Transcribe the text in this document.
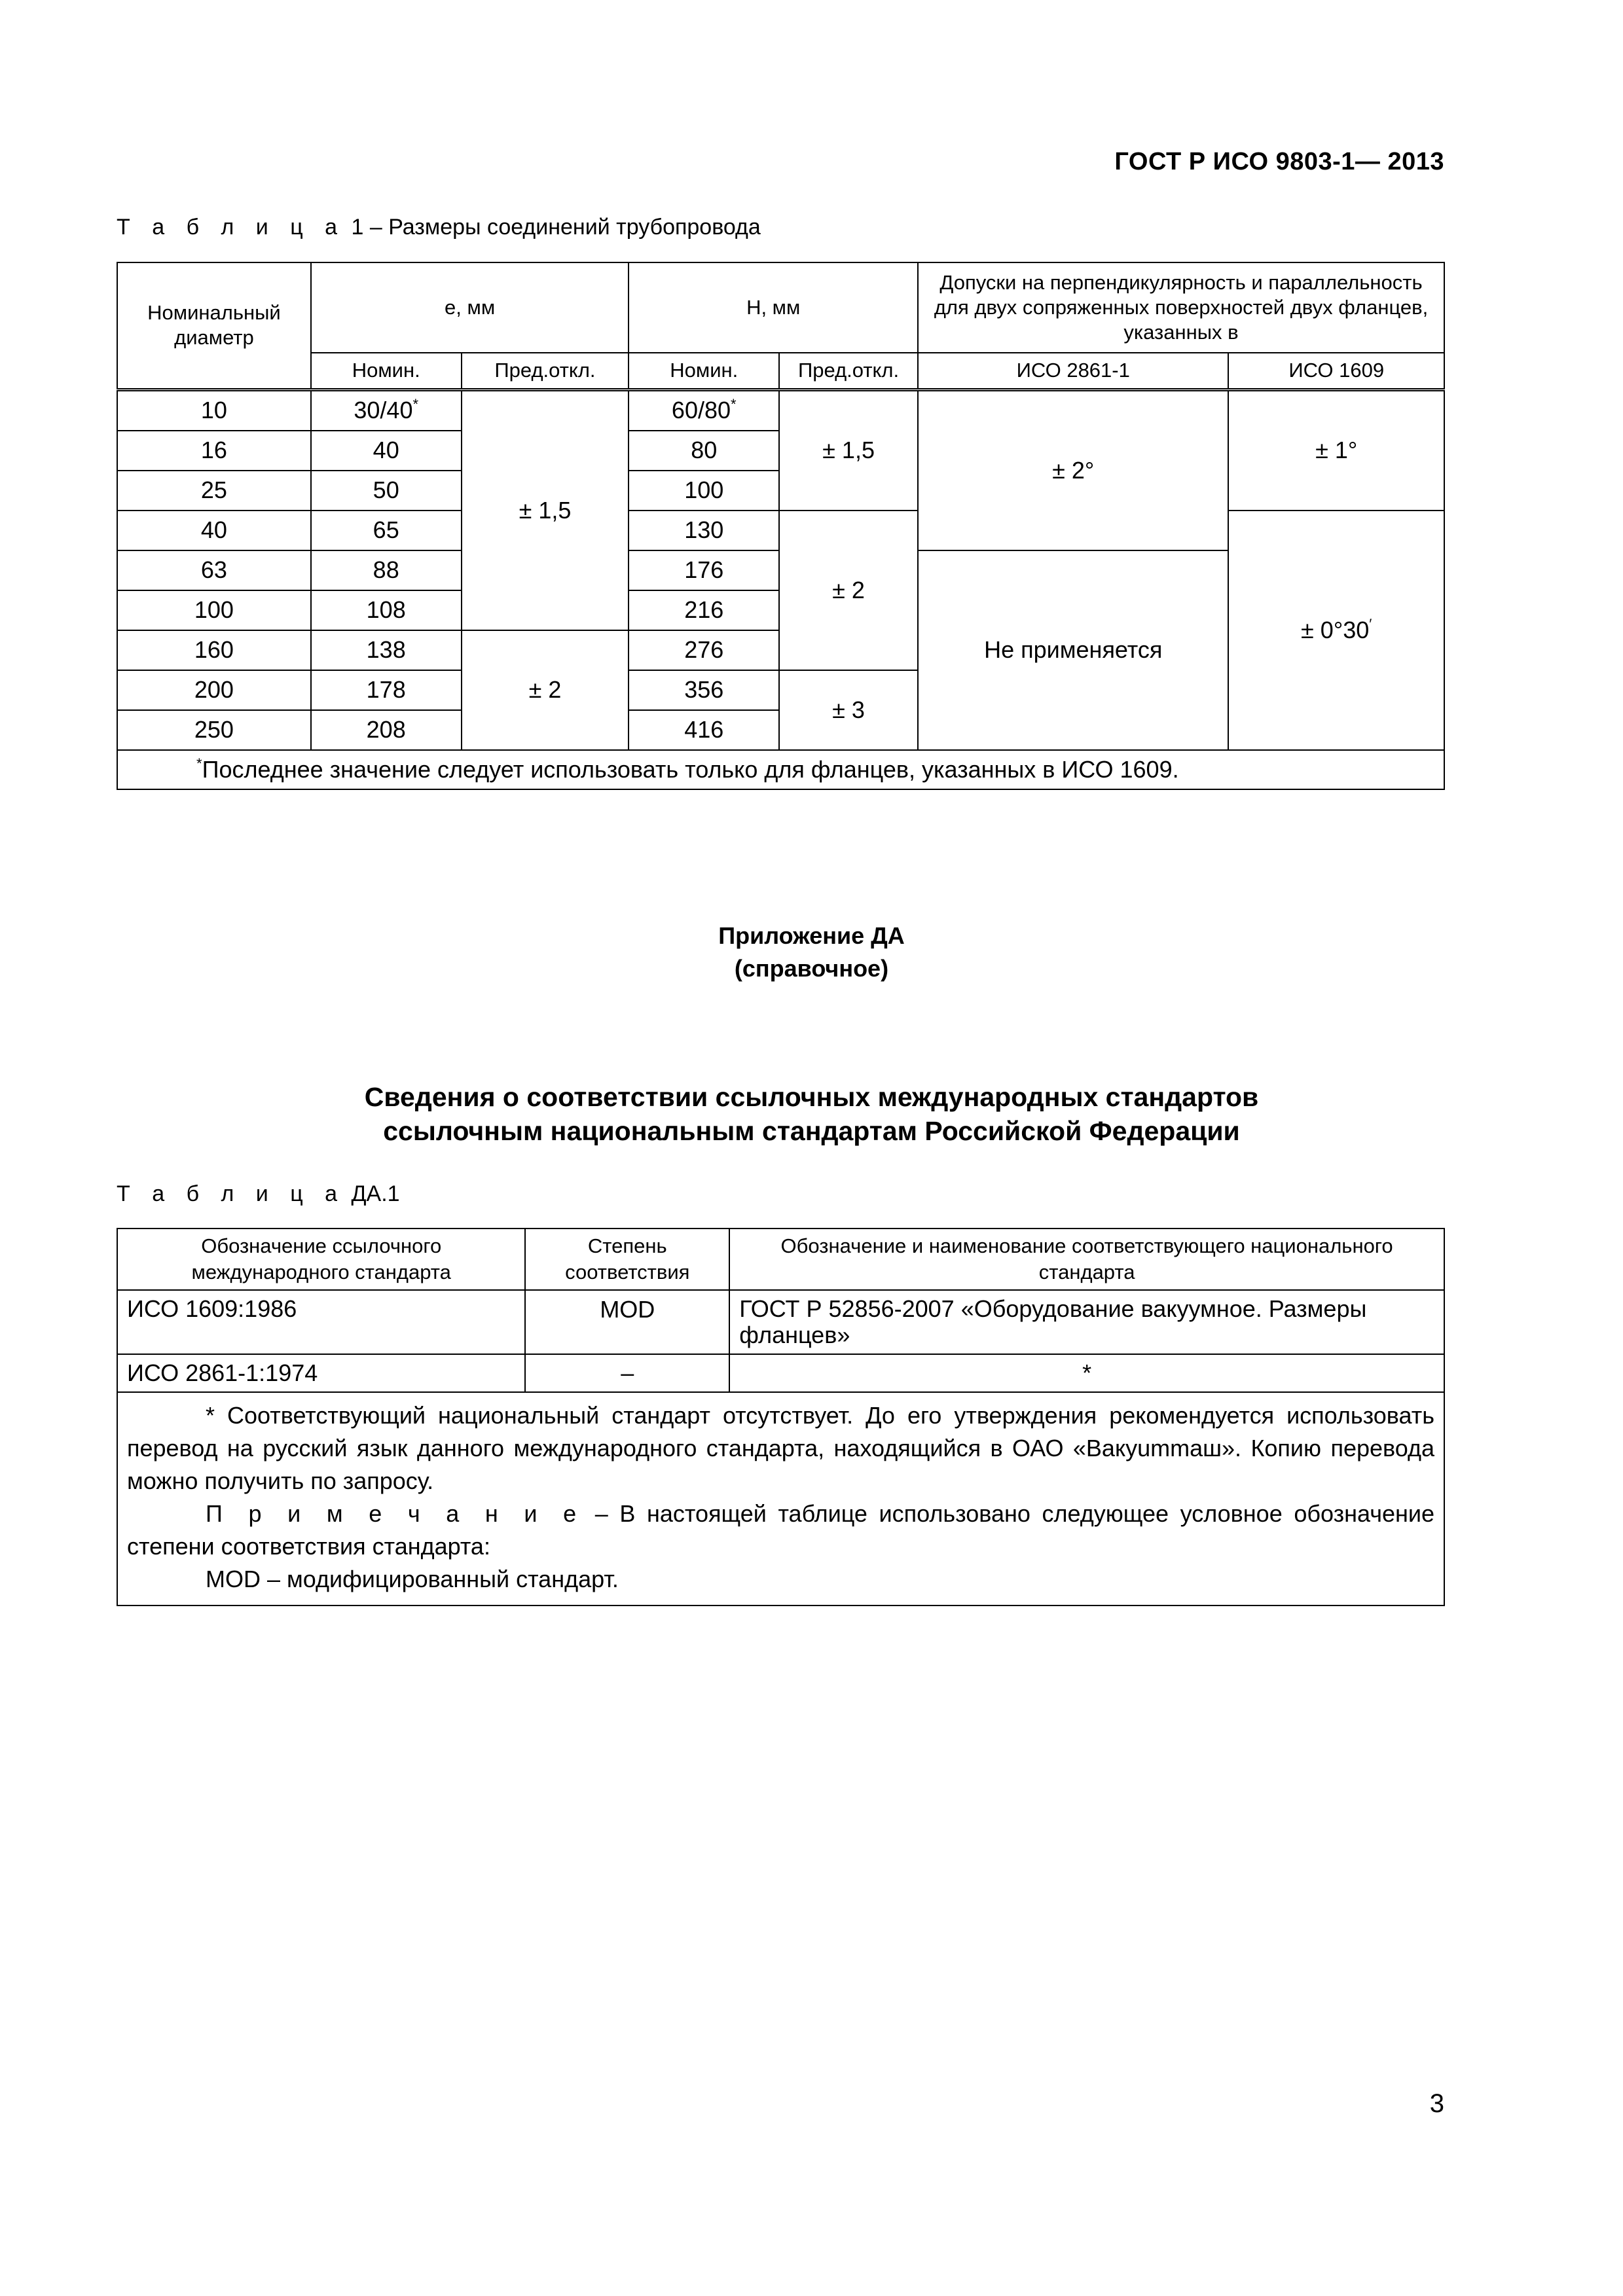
ГОСТ Р ИСО 9803-1— 2013
Т а б л и ц а 1 – Размеры соединений трубопровода
Номинальный диаметр	e, мм		H, мм		Допуски на перпендикулярность и параллельность для двух сопряженных поверхностей двух фланцев, указанных в	
	Номин.	Пред.откл.	Номин.	Пред.откл.	ИСО 2861-1	ИСО 1609
10	30/40*	± 1,5	60/80*	± 1,5	± 2°	± 1°
16	40		80			
25	50		100			
40	65		130	± 2		± 0°30′
63	88		176		Не применяется	
100	108		216			
160	138	± 2	276			
200	178		356	± 3		
250	208		416			
*Последнее значение следует использовать только для фланцев, указанных в ИСО 1609.						
Приложение ДА
(справочное)
Сведения о соответствии ссылочных международных стандартов
ссылочным национальным стандартам Российской Федерации
Т а б л и ц а ДА.1
Обозначение ссылочного международного стандарта	Степень соответствия	Обозначение и наименование соответствующего национального стандарта
ИСО 1609:1986	MOD	ГОСТ Р 52856-2007 «Оборудование вакуумное. Размеры фланцев»
ИСО 2861-1:1974	–	*

* Соответствующий национальный стандарт отсутствует. До его утверждения рекомендуется использовать перевод на русский язык данного международного стандарта, находящийся в ОАО «Вакуummаш». Копию перевода можно получить по запросу.
П р и м е ч а н и е – В настоящей таблице использовано следующее условное обозначение степени соответствия стандарта:
MOD – модифицированный стандарт.		
3
